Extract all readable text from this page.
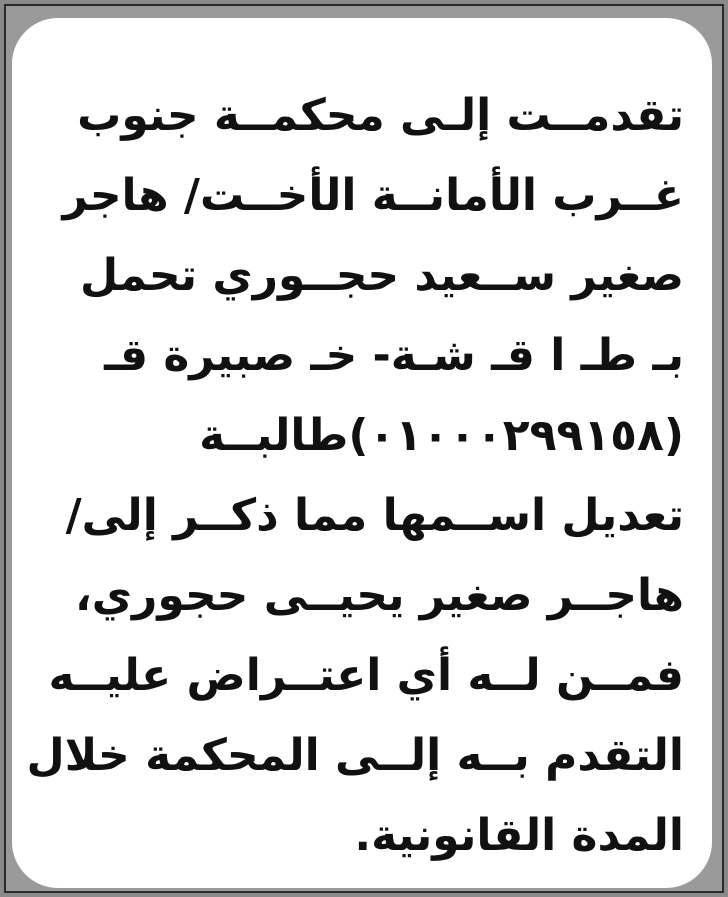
تقدمــت إلـى محكمــة جنوب
غــرب الأمانــة الأخــت/ هاجر
صغير ســعيد حجــوري تحمل
بـ طـ ا قـ شـة- خـ صبيرة قـ
(٠١٠٠٠٢٩٩١٥٨)طالبــة
تعديل اســمها مما ذكــر إلى/
هاجــر صغير يحيــى حجوري،
فمــن لــه أي اعتــراض عليــه
التقدم بــه إلــى المحكمة خلال
المدة القانونية.
